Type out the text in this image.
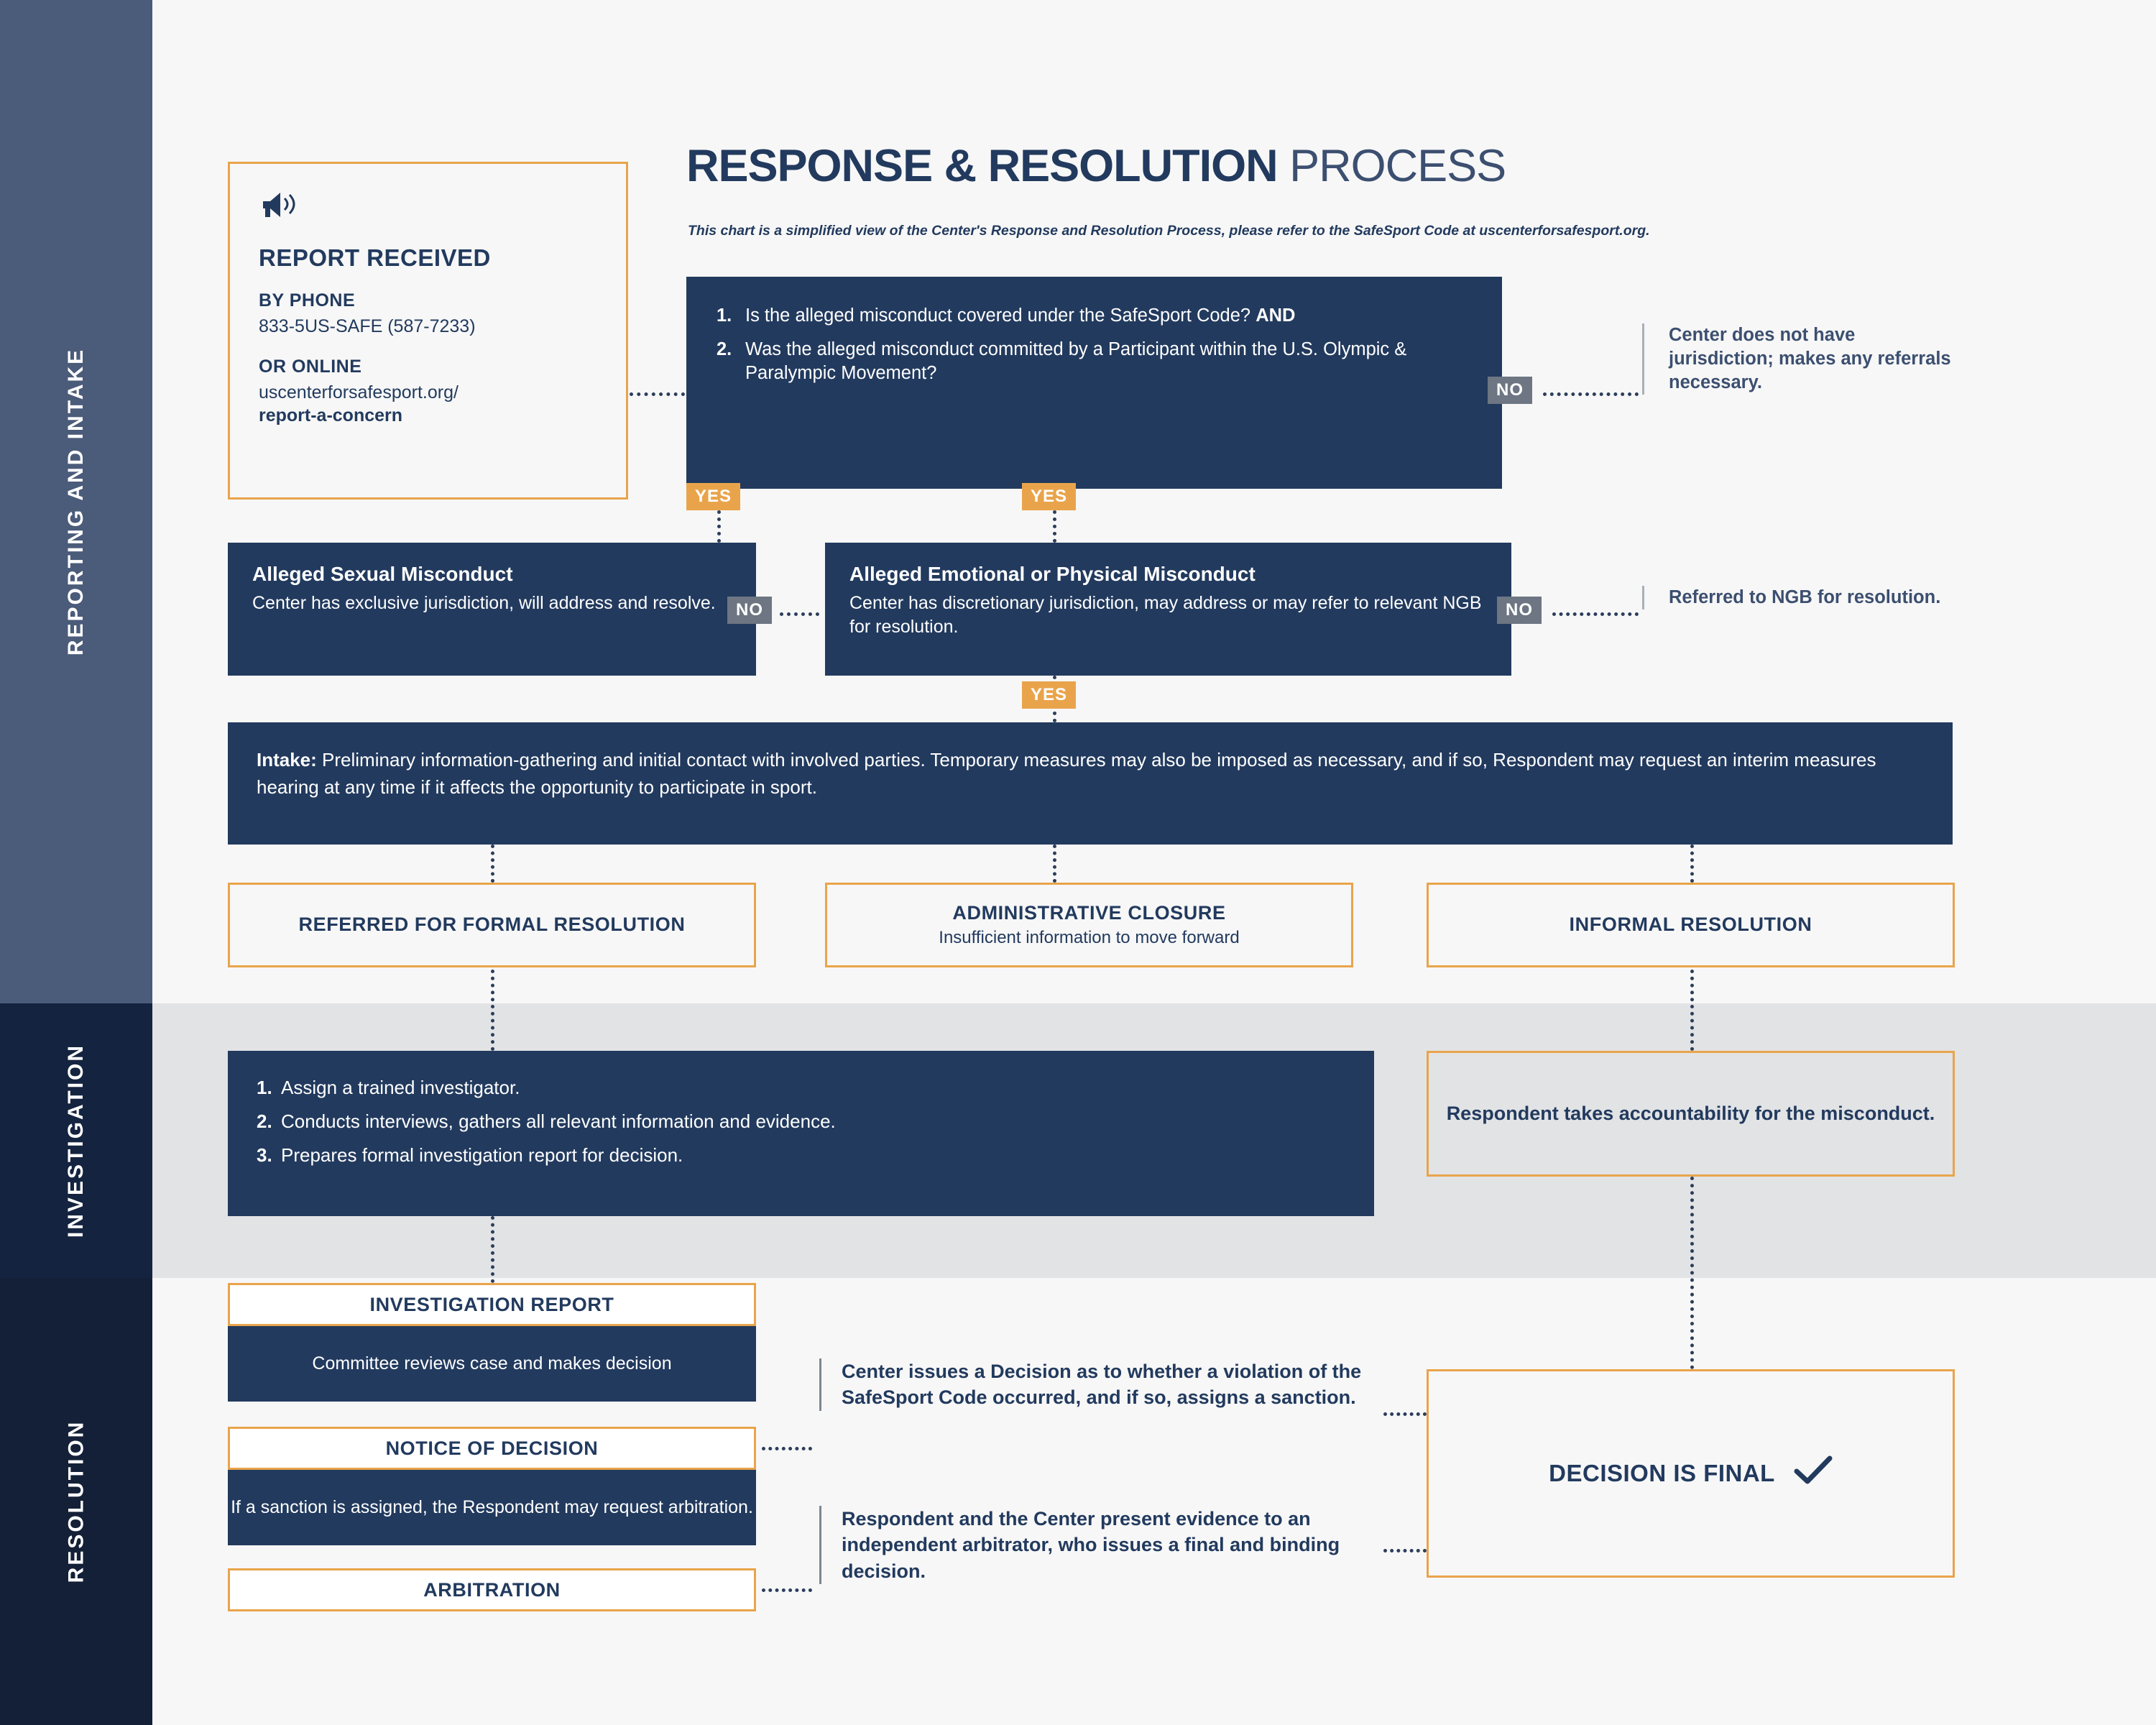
REPORTING AND INTAKE
INVESTIGATION
RESOLUTION
RESPONSE & RESOLUTION PROCESS
This chart is a simplified view of the Center's Response and Resolution Process, please refer to the SafeSport Code at uscenterforsafesport.org.
REPORT RECEIVED
BY PHONE
833-5US-SAFE (587-7233)
OR ONLINE
uscenterforsafesport.org/
report-a-concern
1. Is the alleged misconduct covered under the SafeSport Code? AND
2. Was the alleged misconduct committed by a Participant within the U.S. Olympic & Paralympic Movement?
NO
Center does not have jurisdiction; makes any referrals necessary.
YES	YES
Alleged Sexual Misconduct
Center has exclusive jurisdiction, will address and resolve.
Alleged Emotional or Physical Misconduct
Center has discretionary jurisdiction, may address or may refer to relevant NGB for resolution.
NO	NO
Referred to NGB for resolution.
YES
Intake: Preliminary information-gathering and initial contact with involved parties. Temporary measures may also be imposed as necessary, and if so, Respondent may request an interim measures hearing at any time if it affects the opportunity to participate in sport.
REFERRED FOR FORMAL RESOLUTION
ADMINISTRATIVE CLOSURE
Insufficient information to move forward
INFORMAL RESOLUTION
1. Assign a trained investigator.
2. Conducts interviews, gathers all relevant information and evidence.
3. Prepares formal investigation report for decision.
Respondent takes accountability for the misconduct.
INVESTIGATION REPORT
Committee reviews case and makes decision
NOTICE OF DECISION
If a sanction is assigned, the Respondent may request arbitration.
ARBITRATION
Center issues a Decision as to whether a violation of the SafeSport Code occurred, and if so, assigns a sanction.
Respondent and the Center present evidence to an independent arbitrator, who issues a final and binding decision.
DECISION IS FINAL
